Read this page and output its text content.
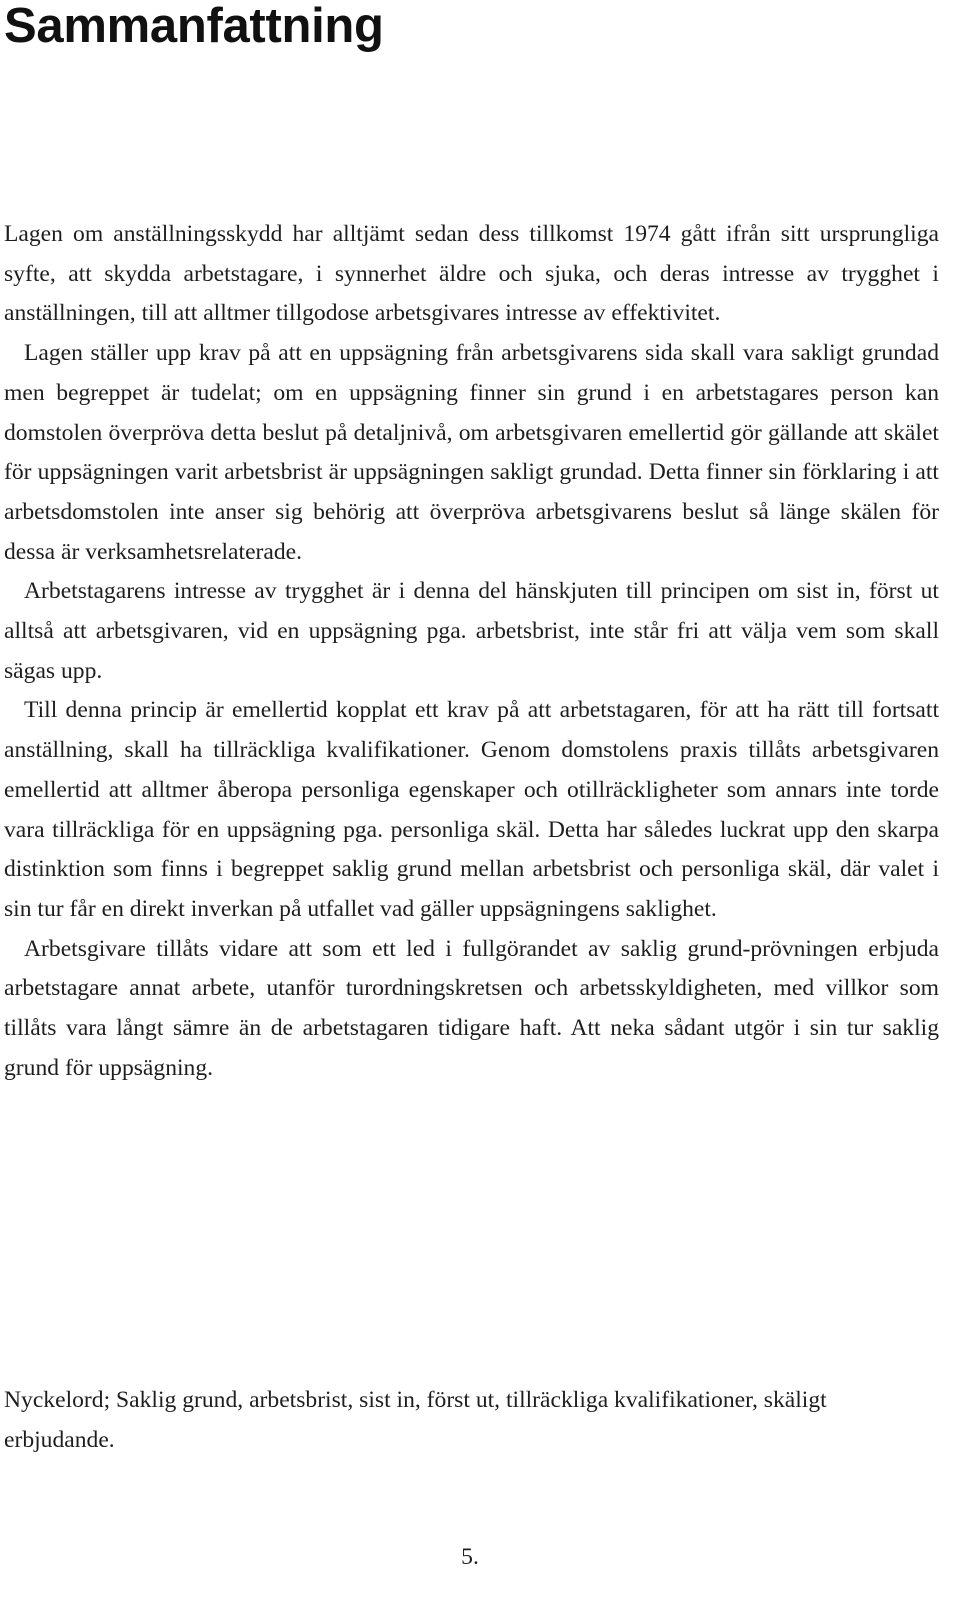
Sammanfattning

Lagen om anställningsskydd har alltjämt sedan dess tillkomst 1974 gått ifrån sitt ursprungliga syfte, att skydda arbetstagare, i synnerhet äldre och sjuka, och deras intresse av trygghet i anställningen, till att alltmer tillgodose arbetsgivares intresse av effektivitet.

Lagen ställer upp krav på att en uppsägning från arbetsgivarens sida skall vara sakligt grundad men begreppet är tudelat; om en uppsägning finner sin grund i en arbetstagares person kan domstolen överpröva detta beslut på detaljnivå, om arbetsgivaren emellertid gör gällande att skälet för uppsägningen varit arbetsbrist är uppsägningen sakligt grundad. Detta finner sin förklaring i att arbetsdomstolen inte anser sig behörig att överpröva arbetsgivarens beslut så länge skälen för dessa är verksamhetsrelaterade.

Arbetstagarens intresse av trygghet är i denna del hänskjuten till principen om sist in, först ut alltså att arbetsgivaren, vid en uppsägning pga. arbetsbrist, inte står fri att välja vem som skall sägas upp.

Till denna princip är emellertid kopplat ett krav på att arbetstagaren, för att ha rätt till fortsatt anställning, skall ha tillräckliga kvalifikationer. Genom domstolens praxis tillåts arbetsgivaren emellertid att alltmer åberopa personliga egenskaper och otillräckligheter som annars inte torde vara tillräckliga för en uppsägning pga. personliga skäl. Detta har således luckrat upp den skarpa distinktion som finns i begreppet saklig grund mellan arbetsbrist och personliga skäl, där valet i sin tur får en direkt inverkan på utfallet vad gäller uppsägningens saklighet.

Arbetsgivare tillåts vidare att som ett led i fullgörandet av saklig grund-prövningen erbjuda arbetstagare annat arbete, utanför turordningskretsen och arbetsskyldigheten, med villkor som tillåts vara långt sämre än de arbetstagaren tidigare haft. Att neka sådant utgör i sin tur saklig grund för uppsägning.

Nyckelord; Saklig grund, arbetsbrist, sist in, först ut, tillräckliga kvalifikationer, skäligt erbjudande.

5.
